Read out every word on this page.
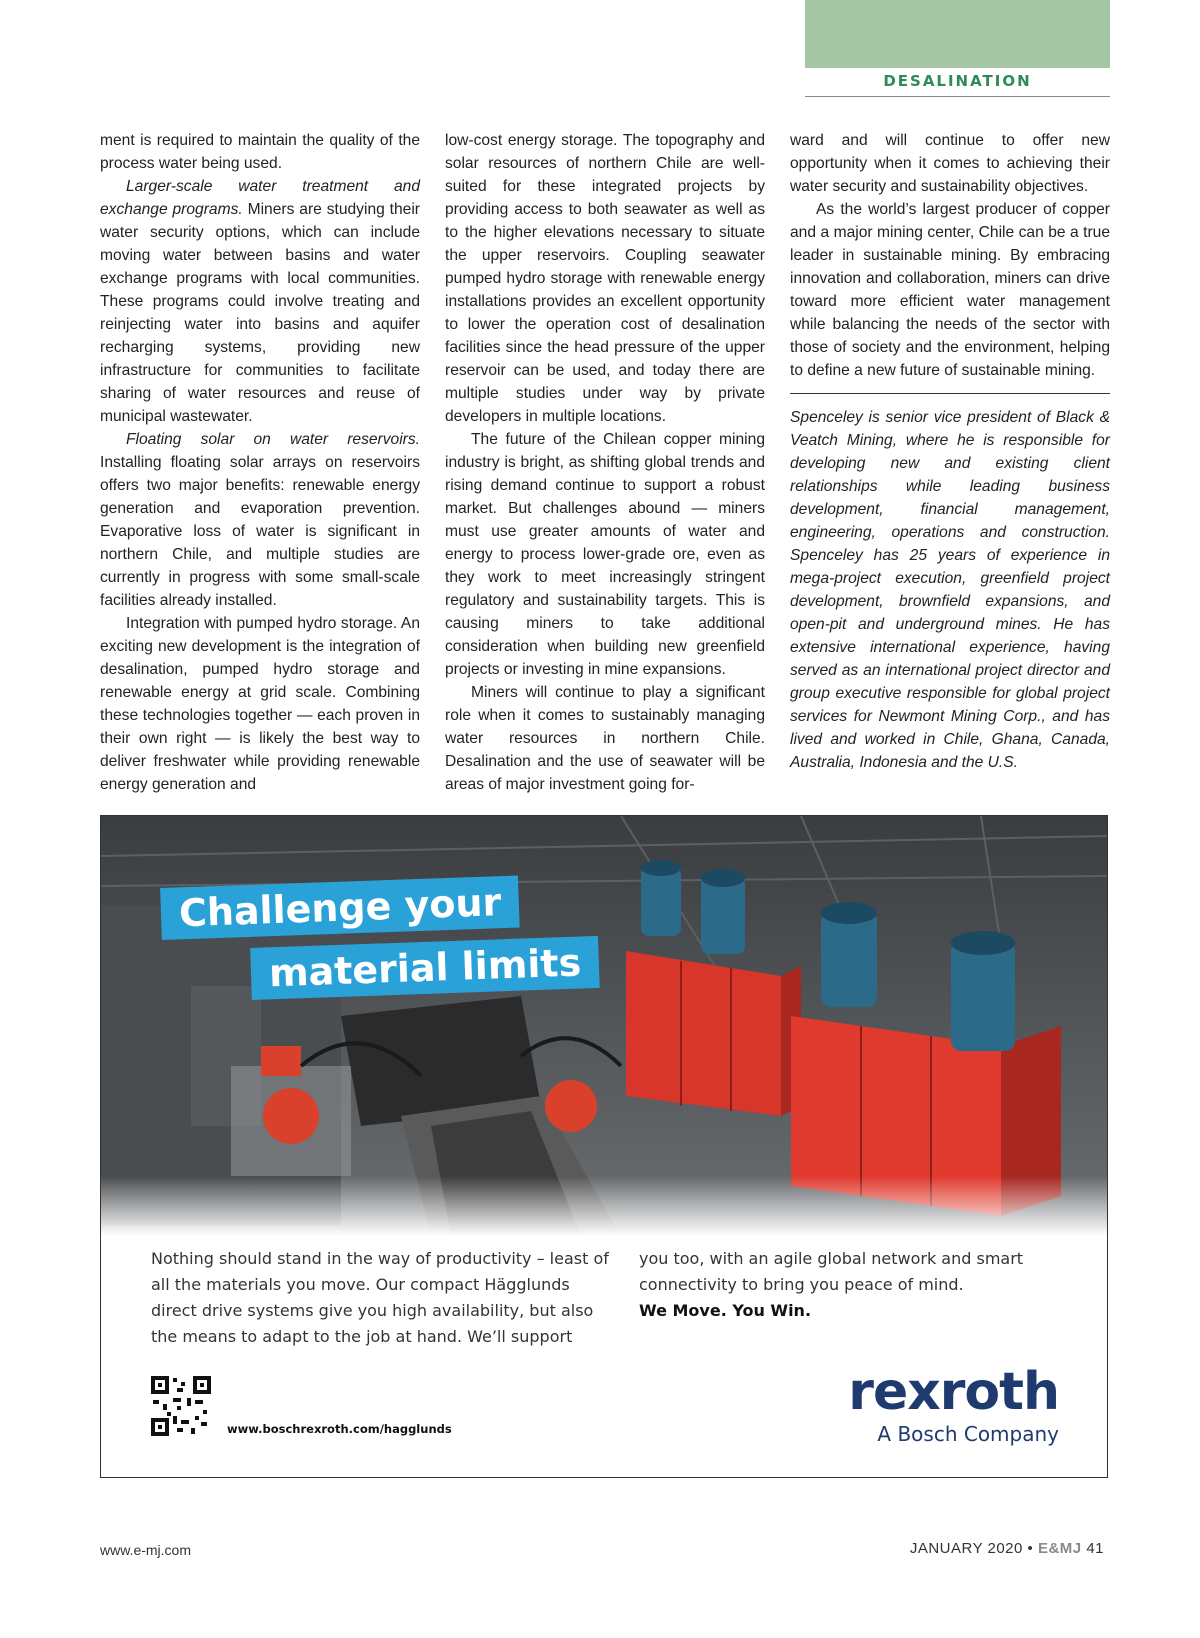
DESALINATION

ment is required to maintain the quality of the process water being used.

Larger-scale water treatment and exchange programs. Miners are studying their water security options, which can include moving water between basins and water exchange programs with local communities. These programs could involve treating and reinjecting water into basins and aquifer recharging systems, providing new infrastructure for communities to facilitate sharing of water resources and reuse of municipal wastewater.

Floating solar on water reservoirs. Installing floating solar arrays on reservoirs offers two major benefits: renewable energy generation and evaporation prevention. Evaporative loss of water is significant in northern Chile, and multiple studies are currently in progress with some small-scale facilities already installed.

Integration with pumped hydro storage. An exciting new development is the integration of desalination, pumped hydro storage and renewable energy at grid scale. Combining these technologies together — each proven in their own right — is likely the best way to deliver freshwater while providing renewable energy generation and

low-cost energy storage. The topography and solar resources of northern Chile are well-suited for these integrated projects by providing access to both seawater as well as to the higher elevations necessary to situate the upper reservoirs. Coupling seawater pumped hydro storage with renewable energy installations provides an excellent opportunity to lower the operation cost of desalination facilities since the head pressure of the upper reservoir can be used, and today there are multiple studies under way by private developers in multiple locations.

The future of the Chilean copper mining industry is bright, as shifting global trends and rising demand continue to support a robust market. But challenges abound — miners must use greater amounts of water and energy to process lower-grade ore, even as they work to meet increasingly stringent regulatory and sustainability targets. This is causing miners to take additional consideration when building new greenfield projects or investing in mine expansions.

Miners will continue to play a significant role when it comes to sustainably managing water resources in northern Chile. Desalination and the use of seawater will be areas of major investment going for-

ward and will continue to offer new opportunity when it comes to achieving their water security and sustainability objectives.

As the world’s largest producer of copper and a major mining center, Chile can be a true leader in sustainable mining. By embracing innovation and collaboration, miners can drive toward more efficient water management while balancing the needs of the sector with those of society and the environment, helping to define a new future of sustainable mining.

Spenceley is senior vice president of Black & Veatch Mining, where he is responsible for developing new and existing client relationships while leading business development, financial management, engineering, operations and construction. Spenceley has 25 years of experience in mega-project execution, greenfield project development, brownfield expansions, and open-pit and underground mines. He has extensive international experience, having served as an international project director and group executive responsible for global project services for Newmont Mining Corp., and has lived and worked in Chile, Ghana, Canada, Australia, Indonesia and the U.S.

Challenge your
material limits

Nothing should stand in the way of productivity – least of all the materials you move. Our compact Hägglunds direct drive systems give you high availability, but also the means to adapt to the job at hand. We’ll support

you too, with an agile global network and smart connectivity to bring you peace of mind.

We Move. You Win.

www.boschrexroth.com/hagglunds
rexroth
A Bosch Company
www.e-mj.com	JANUARY 2020 • E&MJ 41
